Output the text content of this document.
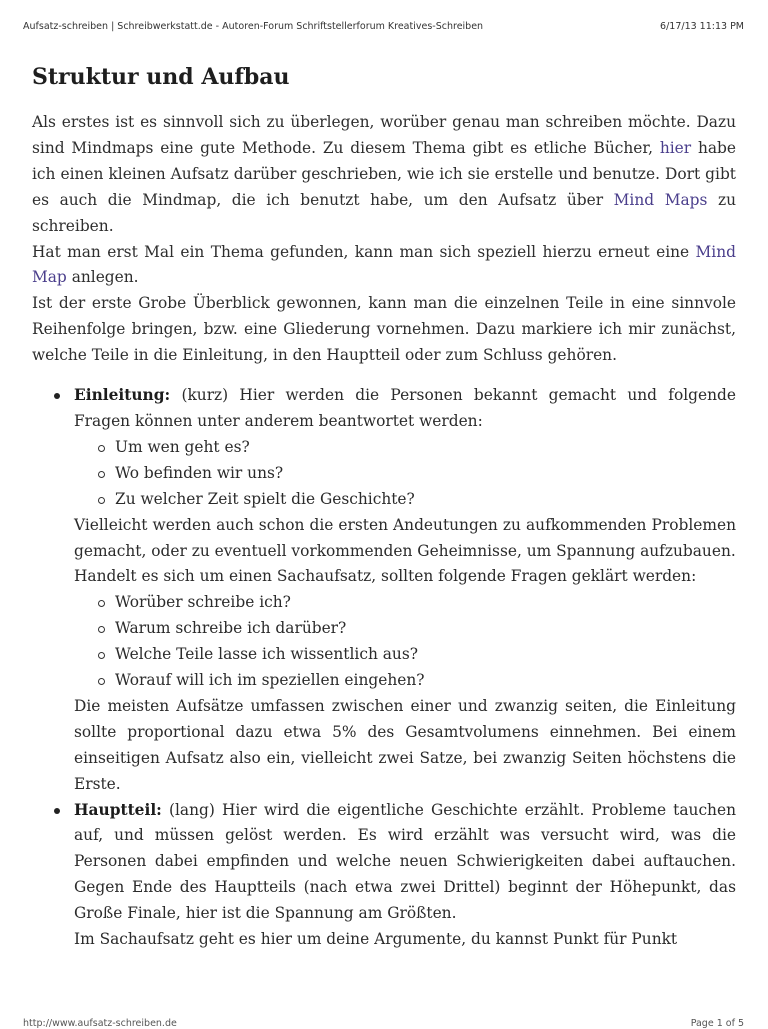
Aufsatz-schreiben | Schreibwerkstatt.de - Autoren-Forum Schriftstellerforum Kreatives-Schreiben	6/17/13 11:13 PM
Struktur und Aufbau

Als erstes ist es sinnvoll sich zu überlegen, worüber genau man schreiben möchte. Dazu sind Mindmaps eine gute Methode. Zu diesem Thema gibt es etliche Bücher, hier habe ich einen kleinen Aufsatz darüber geschrieben, wie ich sie erstelle und benutze. Dort gibt es auch die Mindmap, die ich benutzt habe, um den Aufsatz über Mind Maps zu schreiben.

Hat man erst Mal ein Thema gefunden, kann man sich speziell hierzu erneut eine Mind Map anlegen.

Ist der erste Grobe Überblick gewonnen, kann man die einzelnen Teile in eine sinnvole Reihenfolge bringen, bzw. eine Gliederung vornehmen. Dazu markiere ich mir zunächst, welche Teile in die Einleitung, in den Hauptteil oder zum Schluss gehören.

Einleitung: (kurz) Hier werden die Personen bekannt gemacht und folgende Fragen können unter anderem beantwortet werden:
Um wen geht es?
Wo befinden wir uns?
Zu welcher Zeit spielt die Geschichte?
Vielleicht werden auch schon die ersten Andeutungen zu aufkommenden Problemen gemacht, oder zu eventuell vorkommenden Geheimnisse, um Spannung aufzubauen.
Handelt es sich um einen Sachaufsatz, sollten folgende Fragen geklärt werden:
Worüber schreibe ich?
Warum schreibe ich darüber?
Welche Teile lasse ich wissentlich aus?
Worauf will ich im speziellen eingehen?
Die meisten Aufsätze umfassen zwischen einer und zwanzig seiten, die Einleitung sollte proportional dazu etwa 5% des Gesamtvolumens einnehmen. Bei einem einseitigen Aufsatz also ein, vielleicht zwei Satze, bei zwanzig Seiten höchstens die Erste.
Hauptteil: (lang) Hier wird die eigentliche Geschichte erzählt. Probleme tauchen auf, und müssen gelöst werden. Es wird erzählt was versucht wird, was die Personen dabei empfinden und welche neuen Schwierigkeiten dabei auftauchen. Gegen Ende des Hauptteils (nach etwa zwei Drittel) beginnt der Höhepunkt, das Große Finale, hier ist die Spannung am Größten.
Im Sachaufsatz geht es hier um deine Argumente, du kannst Punkt für Punkt
http://www.aufsatz-schreiben.de	Page 1 of 5
